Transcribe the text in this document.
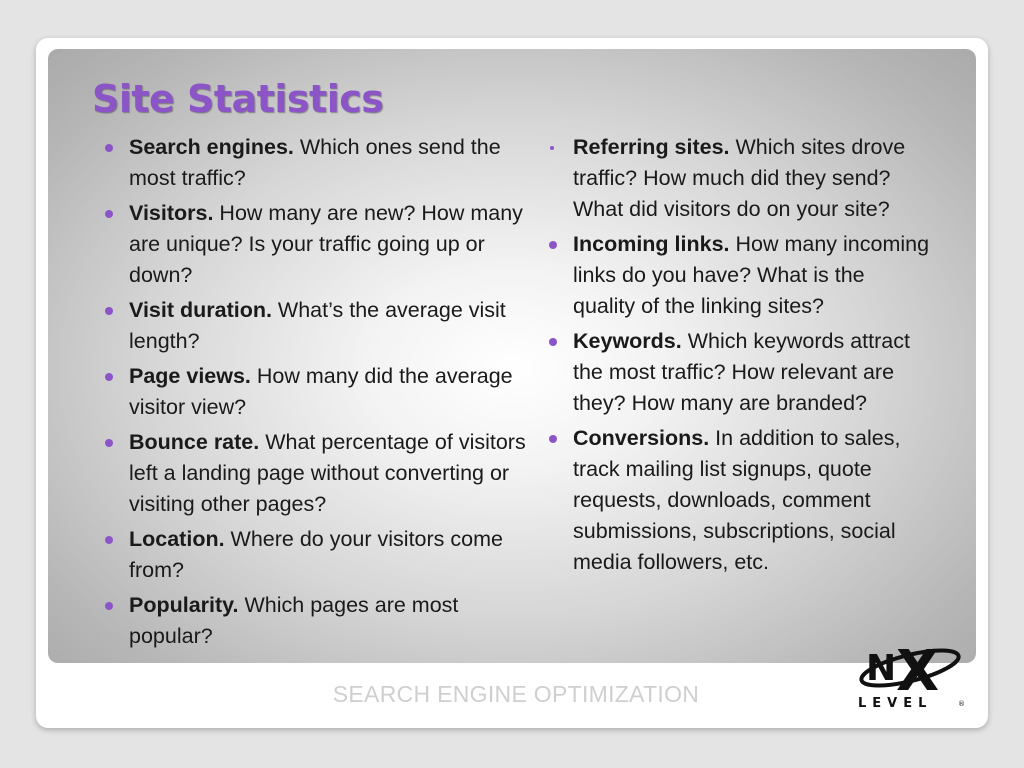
Site Statistics
Search engines. Which ones send the most traffic?
Visitors. How many are new? How many are unique? Is your traffic going up or down?
Visit duration. What’s the average visit length?
Page views. How many did the average visitor view?
Bounce rate. What percentage of visitors left a landing page without converting or visiting other pages?
Location. Where do your visitors come from?
Popularity. Which pages are most popular?
Referring sites. Which sites drove traffic? How much did they send? What did visitors do on your site?
Incoming links. How many incoming links do you have? What is the quality of the linking sites?
Keywords. Which keywords attract the most traffic? How relevant are they? How many are branded?
Conversions. In addition to sales, track mailing list signups, quote requests, downloads, comment submissions, subscriptions, social media followers, etc.
SEARCH ENGINE OPTIMIZATION
N X
LEVEL	®
